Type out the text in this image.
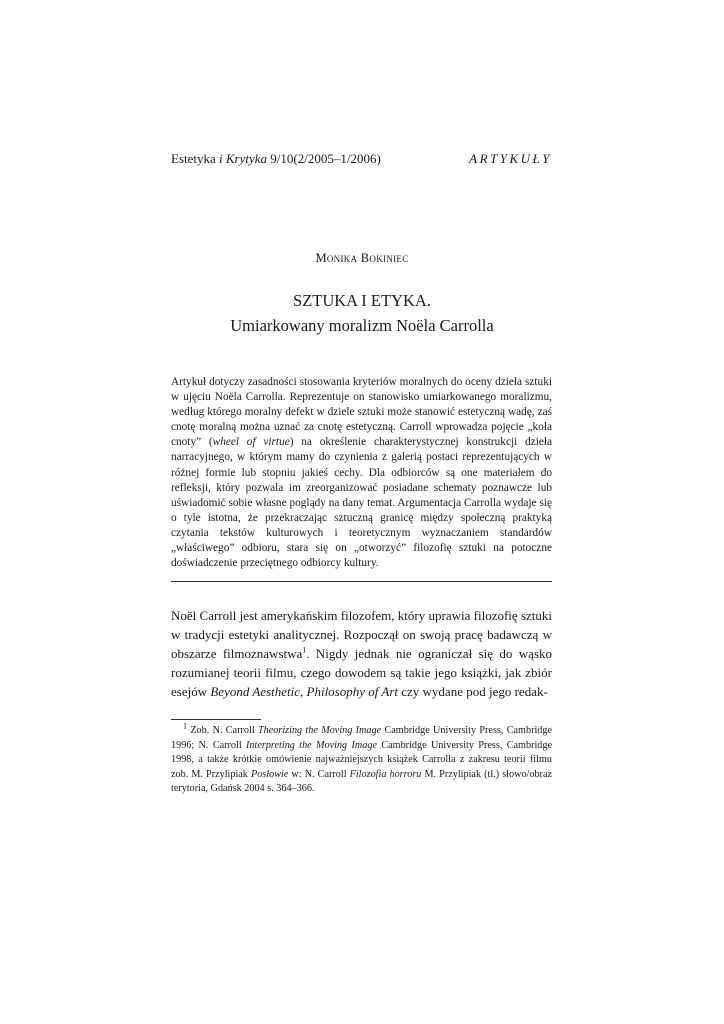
Estetyka i Krytyka 9/10(2/2005–1/2006)	ARTYKUŁY
Monika Bokiniec
SZTUKA I ETYKA.
Umiarkowany moralizm Noëla Carrolla
Artykuł dotyczy zasadności stosowania kryteriów moralnych do oceny dzieła sztuki w ujęciu Noëla Carrolla. Reprezentuje on stanowisko umiarkowanego moralizmu, według którego moralny defekt w dziele sztuki może stanowić estetyczną wadę, zaś cnotę moralną można uznać za cnotę estetyczną. Carroll wprowadza pojęcie „koła cnoty” (wheel of virtue) na określenie charakterystycznej konstrukcji dzieła narracyjnego, w którym mamy do czynienia z galerią postaci reprezentujących w różnej formie lub stopniu jakieś cechy. Dla odbiorców są one materiałem do refleksji, który pozwala im zreorganizować posiadane schematy poznawcze lub uświadomić sobie własne poglądy na dany temat. Argumentacja Carrolla wydaje się o tyle istotna, że przekraczając sztuczną granicę między społeczną praktyką czytania tekstów kulturowych i teoretycznym wyznaczaniem standardów „właściwego” odbioru, stara się on „otworzyć” filozofię sztuki na potoczne doświadczenie przeciętnego odbiorcy kultury.
Noël Carroll jest amerykańskim filozofem, który uprawia filozofię sztuki w tradycji estetyki analitycznej. Rozpoczął on swoją pracę badawczą w obszarze filmoznawstwa$^1$. Nigdy jednak nie ograniczał się do wąsko rozumianej teorii filmu, czego dowodem są takie jego książki, jak zbiór esejów Beyond Aesthetic, Philosophy of Art czy wydane pod jego redak-
$^1$ Zob. N. Carroll Theorizing the Moving Image Cambridge University Press, Cambridge 1996; N. Carroll Interpreting the Moving Image Cambridge University Press, Cambridge 1998, a także krótkie omówienie najważniejszych książek Carrolla z zakresu teorii filmu zob. M. Przylipiak Posłowie w: N. Carroll Filozofia horroru M. Przylipiak (tł.) słowo/obraz terytoria, Gdańsk 2004 s. 364–366.
